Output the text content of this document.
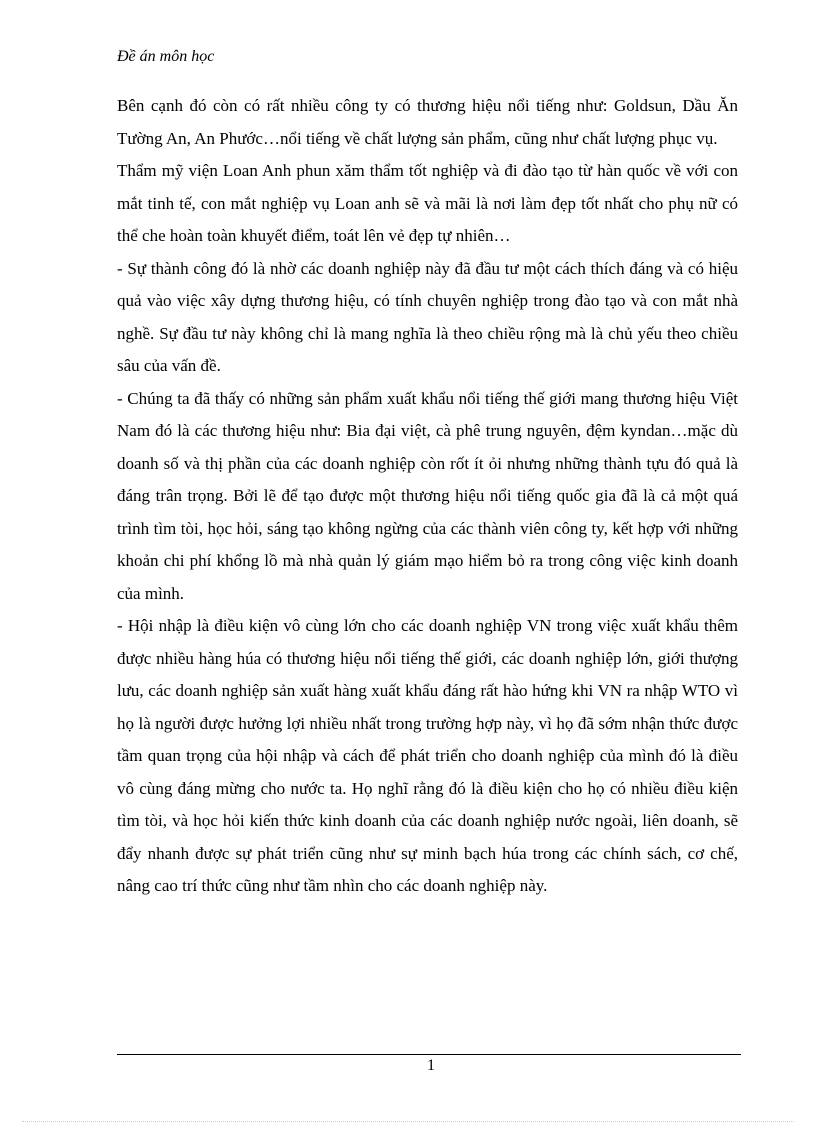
Đề án môn học

Bên cạnh đó còn có rất nhiều công ty có thương hiệu nổi tiếng như: Goldsun, Dầu Ăn Tường An, An Phước…nổi tiếng về chất lượng sản phẩm, cũng như chất lượng phục vụ.

Thẩm mỹ viện Loan Anh phun xăm thẩm tốt nghiệp và đi đào tạo từ hàn quốc về với con mắt tinh tế, con mắt nghiệp vụ Loan anh sẽ và mãi là nơi làm đẹp tốt nhất cho phụ nữ có thể che hoàn toàn khuyết điểm, toát lên vẻ đẹp tự nhiên…

- Sự thành công đó là nhờ các doanh nghiệp này đã đầu tư một cách thích đáng và có hiệu quả vào việc xây dựng thương hiệu, có tính chuyên nghiệp trong đào tạo và con mắt nhà nghề. Sự đầu tư này không chỉ là mang nghĩa là theo chiều rộng mà là chủ yếu theo chiều sâu của vấn đề.

- Chúng ta đã thấy có những sản phẩm xuất khẩu nổi tiếng thế giới mang thương hiệu Việt Nam đó là các thương hiệu như: Bia đại việt, cà phê trung nguyên, đệm kyndan…mặc dù doanh số và thị phần của các doanh nghiệp còn rốt ít ỏi nhưng những thành tựu đó quả là đáng trân trọng. Bởi lẽ để tạo được một thương hiệu nổi tiếng quốc gia đã là cả một quá trình tìm tòi, học hỏi, sáng tạo không ngừng của các thành viên công ty, kết hợp với những khoản chi phí khổng lồ mà nhà quản lý giám mạo hiểm bỏ ra trong công việc kinh doanh của mình.

- Hội nhập là điều kiện vô cùng lớn cho các doanh nghiệp VN trong việc xuất khẩu thêm được nhiều hàng húa có thương hiệu nổi tiếng thế giới, các doanh nghiệp lớn, giới thượng lưu, các doanh nghiệp sản xuất hàng xuất khẩu đáng rất hào hứng khi VN ra nhập WTO vì họ là người được hưởng lợi nhiều nhất trong trường hợp này, vì họ đã sớm nhận thức được tầm quan trọng của hội nhập và cách để phát triển cho doanh nghiệp của mình đó là điều vô cùng đáng mừng cho nước ta. Họ nghĩ rằng đó là điều kiện cho họ có nhiều điều kiện tìm tòi, và học hỏi kiến thức kinh doanh của các doanh nghiệp nước ngoài, liên doanh, sẽ đẩy nhanh được sự phát triển cũng như sự minh bạch húa trong các chính sách, cơ chế, nâng cao trí thức cũng như tầm nhìn cho các doanh nghiệp này.

1
